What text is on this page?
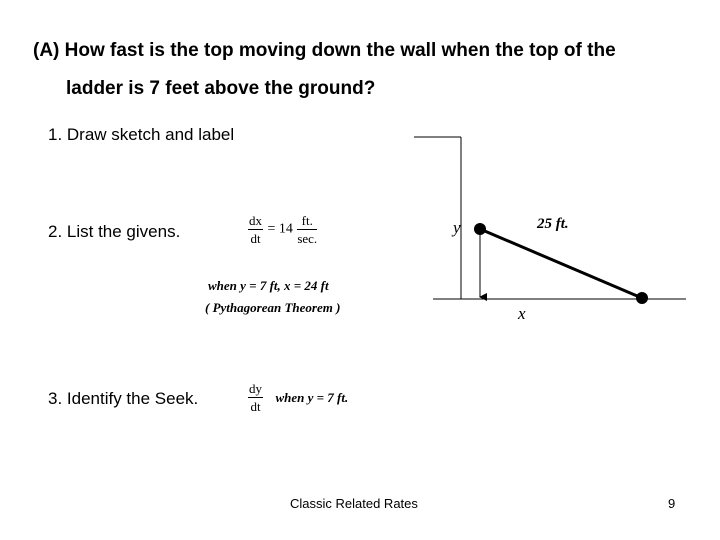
(A) How fast is the top moving down the wall when the top of the
ladder is 7 feet above the ground?
1. Draw sketch and label
2. List the givens.
3. Identify the Seek.
$\frac{dx}{dt} = 14 \frac{ft.}{\sec.}$
when y = 7 ft, x = 24 ft
( Pythagorean Theorem )
$\frac{dy}{dt}$ when y = 7 ft.
y
x
25 ft.
Classic Related Rates	9
